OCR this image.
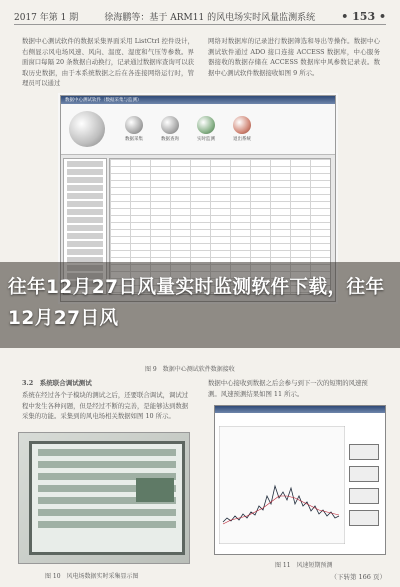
2017 年第 1 期	徐海鹏等：基于 ARM11 的风电场实时风量监测系统 • 153 •
数据中心测试软件的数据采集界面采用 ListCtrl 控件设计，右侧显示风电场风速、风向、温度、湿度和气压等参数。界面窗口每隔 20 条数据自动换行，记录通过数据库查询可以获取历史数据，由于本系统数据之后在各连接网络运行时，管理员可以通过
网络对数据库的记录进行数据筛选和导出等操作。数据中心测试软件通过 ADO 接口连接 ACCESS 数据库，中心服务器接收的数据存储在 ACCESS 数据库中风参数记录表。数据中心测试软件数据接收如图 9 所示。
数据中心测试软件（数据采集与监测）
数据采集	数据查询	实时监测	退出系统
往年12月27日风量实时监测软件下载，往年12月27日风
图 9　数据中心测试软件数据接收
3.2　系统联合调试测试
系统在经过各个子模块的测试之后，还要联合调试，调试过程中发生各种问题，但是经过不断的完善，是能够达到数据采集的功能。采集到的风电场相关数据如图 10 所示。
数据中心接收到数据之后会参与到下一次的短期的风速预测。风速预测结果如图 11 所示。
图 10　风电场数据实时采集显示图
图 11　风速短期预测
（下转第 166 页）
